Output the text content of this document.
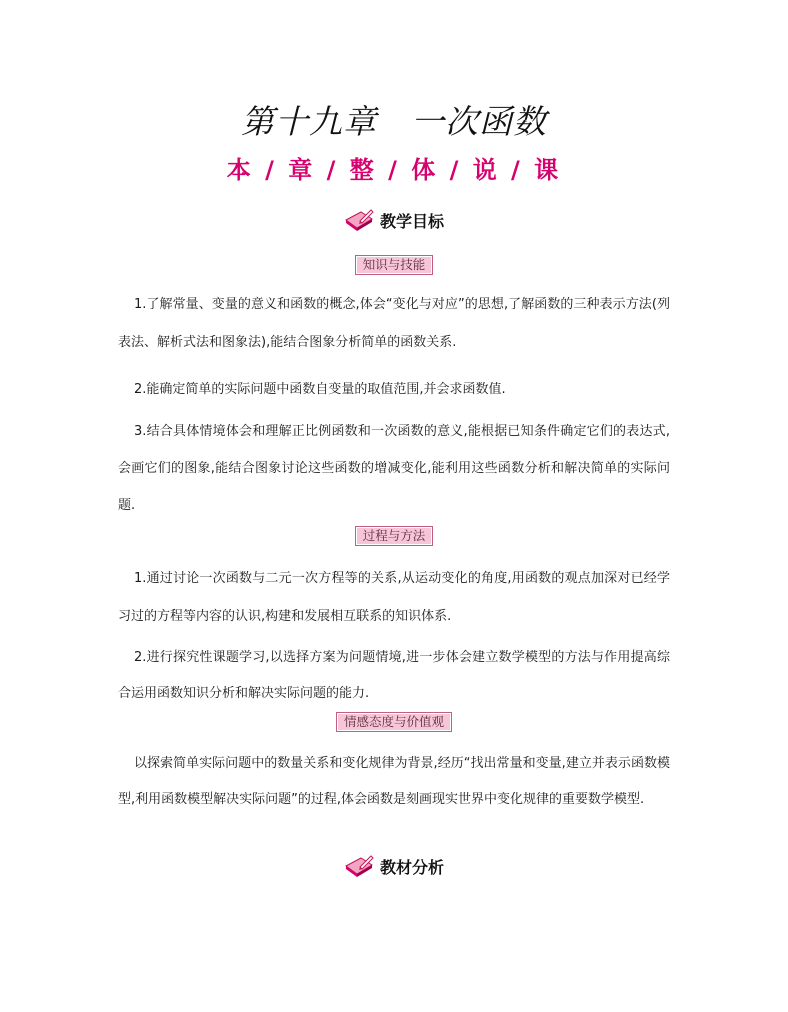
第十九章　一次函数
本 / 章 / 整 / 体 / 说 / 课
教学目标
知识与技能
1.了解常量、变量的意义和函数的概念,体会“变化与对应”的思想,了解函数的三种表示方法(列表法、解析式法和图象法),能结合图象分析简单的函数关系.
2.能确定简单的实际问题中函数自变量的取值范围,并会求函数值.
3.结合具体情境体会和理解正比例函数和一次函数的意义,能根据已知条件确定它们的表达式,会画它们的图象,能结合图象讨论这些函数的增减变化,能利用这些函数分析和解决简单的实际问题.
过程与方法
1.通过讨论一次函数与二元一次方程等的关系,从运动变化的角度,用函数的观点加深对已经学习过的方程等内容的认识,构建和发展相互联系的知识体系.
2.进行探究性课题学习,以选择方案为问题情境,进一步体会建立数学模型的方法与作用提高综合运用函数知识分析和解决实际问题的能力.
情感态度与价值观
以探索简单实际问题中的数量关系和变化规律为背景,经历“找出常量和变量,建立并表示函数模型,利用函数模型解决实际问题”的过程,体会函数是刻画现实世界中变化规律的重要数学模型.
教材分析
